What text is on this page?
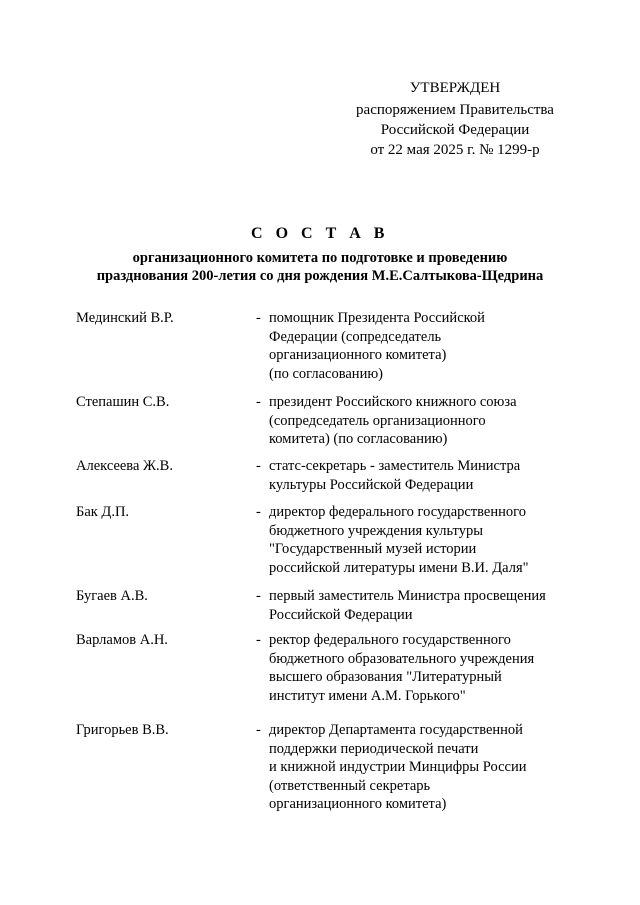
УТВЕРЖДЕН
распоряжением Правительства
Российской Федерации
от 22 мая 2025 г. № 1299-р
С О С Т А В
организационного комитета по подготовке и проведению
празднования 200-летия со дня рождения М.Е.Салтыкова-Щедрина
Мединский В.Р.	- помощник Президента Российской
Федерации (сопредседатель
организационного комитета)
(по согласованию)
Степашин С.В.	- президент Российского книжного союза
(сопредседатель организационного
комитета) (по согласованию)
Алексеева Ж.В.	- статс-секретарь - заместитель Министра
культуры Российской Федерации
Бак Д.П.	- директор федерального государственного
бюджетного учреждения культуры
"Государственный музей истории
российской литературы имени В.И. Даля"
Бугаев А.В.	- первый заместитель Министра просвещения
Российской Федерации
Варламов А.Н.	- ректор федерального государственного
бюджетного образовательного учреждения
высшего образования "Литературный
институт имени А.М. Горького"
Григорьев В.В.	- директор Департамента государственной
поддержки периодической печати
и книжной индустрии Минцифры России
(ответственный секретарь
организационного комитета)
